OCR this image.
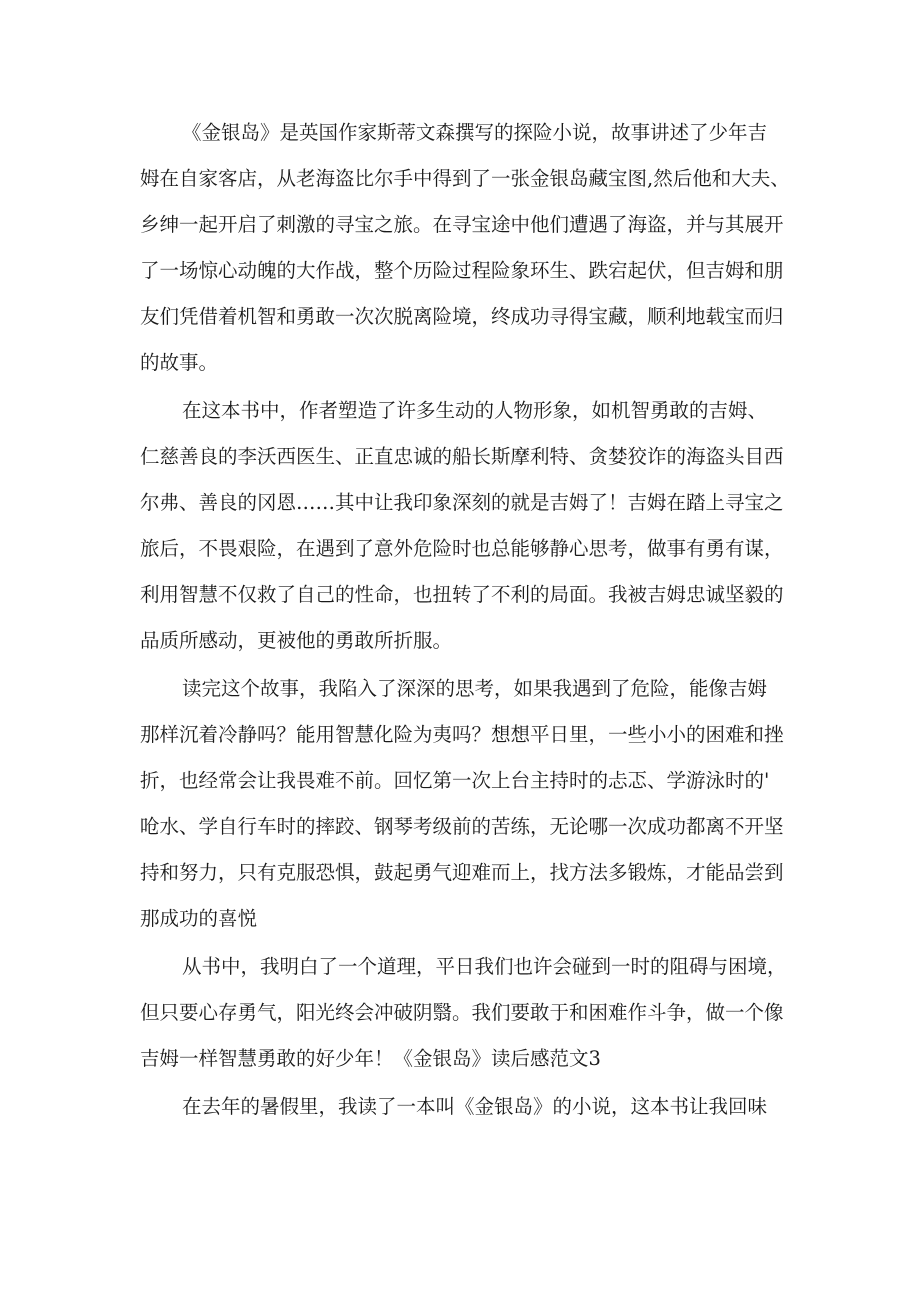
《金银岛》是英国作家斯蒂文森撰写的探险小说，故事讲述了少年吉
姆在自家客店，从老海盗比尔手中得到了一张金银岛藏宝图,然后他和大夫、
乡绅一起开启了刺激的寻宝之旅。在寻宝途中他们遭遇了海盗，并与其展开
了一场惊心动魄的大作战，整个历险过程险象环生、跌宕起伏，但吉姆和朋
友们凭借着机智和勇敢一次次脱离险境，终成功寻得宝藏，顺利地载宝而归
的故事。
在这本书中，作者塑造了许多生动的人物形象，如机智勇敢的吉姆、
仁慈善良的李沃西医生、正直忠诚的船长斯摩利特、贪婪狡诈的海盗头目西
尔弗、善良的冈恩……其中让我印象深刻的就是吉姆了！吉姆在踏上寻宝之
旅后，不畏艰险，在遇到了意外危险时也总能够静心思考，做事有勇有谋，
利用智慧不仅救了自己的性命，也扭转了不利的局面。我被吉姆忠诚坚毅的
品质所感动，更被他的勇敢所折服。
读完这个故事，我陷入了深深的思考，如果我遇到了危险，能像吉姆
那样沉着冷静吗？能用智慧化险为夷吗？想想平日里，一些小小的困难和挫
折，也经常会让我畏难不前。回忆第一次上台主持时的忐忑、学游泳时的'
呛水、学自行车时的摔跤、钢琴考级前的苦练，无论哪一次成功都离不开坚
持和努力，只有克服恐惧，鼓起勇气迎难而上，找方法多锻炼，才能品尝到
那成功的喜悦
从书中，我明白了一个道理，平日我们也许会碰到一时的阻碍与困境，
但只要心存勇气，阳光终会冲破阴翳。我们要敢于和困难作斗争，做一个像
吉姆一样智慧勇敢的好少年！《金银岛》读后感范文3
在去年的暑假里，我读了一本叫《金银岛》的小说，这本书让我回味
